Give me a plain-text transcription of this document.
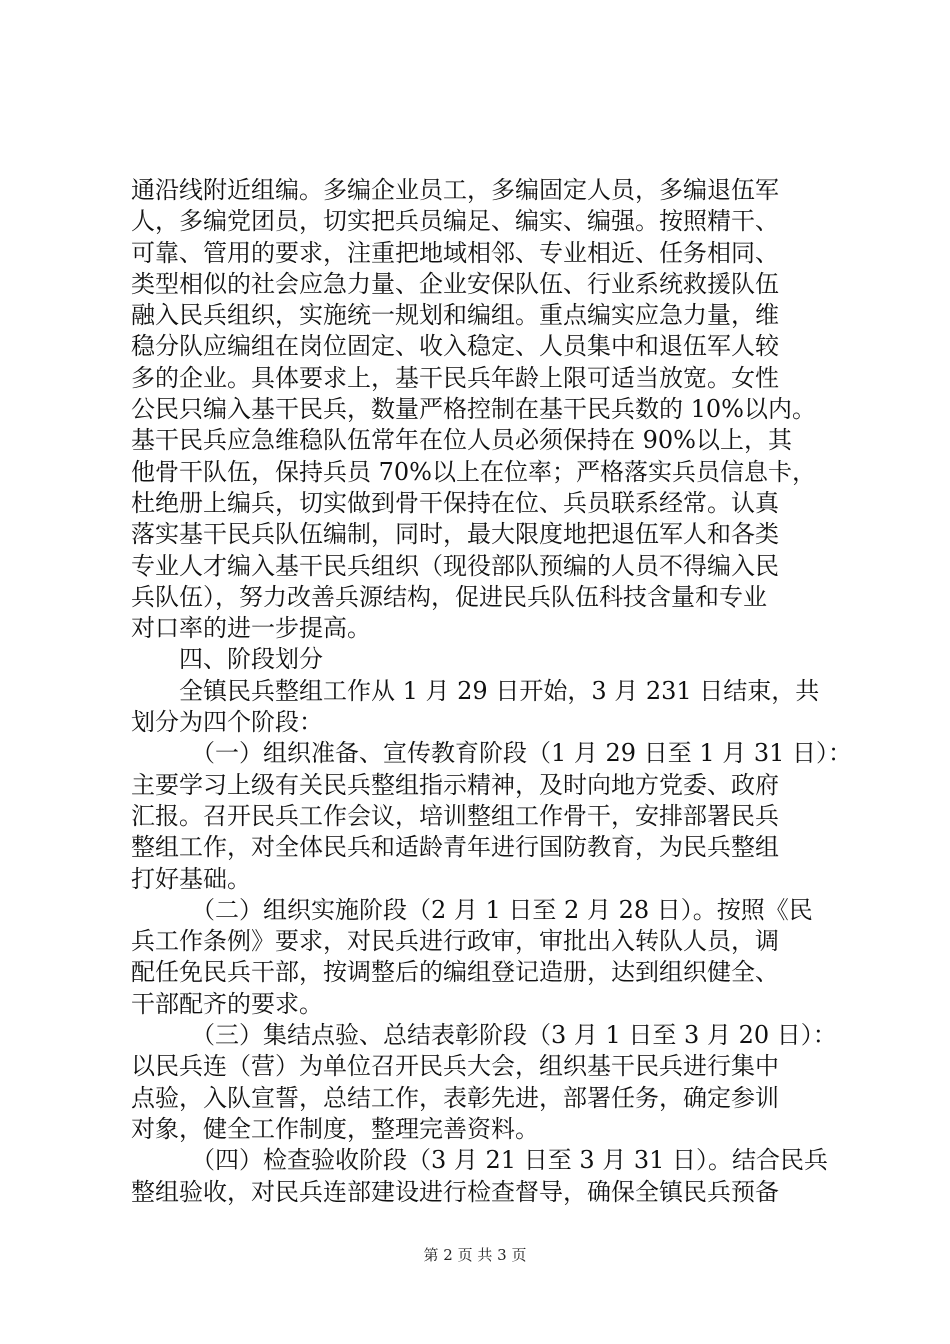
通沿线附近组编。多编企业员工，多编固定人员，多编退伍军
人，多编党团员，切实把兵员编足、编实、编强。按照精干、
可靠、管用的要求，注重把地域相邻、专业相近、任务相同、
类型相似的社会应急力量、企业安保队伍、行业系统救援队伍
融入民兵组织，实施统一规划和编组。重点编实应急力量，维
稳分队应编组在岗位固定、收入稳定、人员集中和退伍军人较
多的企业。具体要求上，基干民兵年龄上限可适当放宽。女性
公民只编入基干民兵，数量严格控制在基干民兵数的 10%以内。
基干民兵应急维稳队伍常年在位人员必须保持在 90%以上，其
他骨干队伍，保持兵员 70%以上在位率；严格落实兵员信息卡，
杜绝册上编兵，切实做到骨干保持在位、兵员联系经常。认真
落实基干民兵队伍编制，同时，最大限度地把退伍军人和各类
专业人才编入基干民兵组织（现役部队预编的人员不得编入民
兵队伍），努力改善兵源结构，促进民兵队伍科技含量和专业
对口率的进一步提高。
四、阶段划分
全镇民兵整组工作从 1 月 29 日开始，3 月 231 日结束，共
划分为四个阶段：
（一）组织准备、宣传教育阶段（1 月 29 日至 1 月 31 日）：
主要学习上级有关民兵整组指示精神，及时向地方党委、政府
汇报。召开民兵工作会议，培训整组工作骨干，安排部署民兵
整组工作，对全体民兵和适龄青年进行国防教育，为民兵整组
打好基础。
（二）组织实施阶段（2 月 1 日至 2 月 28 日）。按照《民
兵工作条例》要求，对民兵进行政审，审批出入转队人员，调
配任免民兵干部，按调整后的编组登记造册，达到组织健全、
干部配齐的要求。
（三）集结点验、总结表彰阶段（3 月 1 日至 3 月 20 日）：
以民兵连（营）为单位召开民兵大会，组织基干民兵进行集中
点验，入队宣誓，总结工作，表彰先进，部署任务，确定参训
对象，健全工作制度，整理完善资料。
（四）检查验收阶段（3 月 21 日至 3 月 31 日）。结合民兵
整组验收，对民兵连部建设进行检查督导，确保全镇民兵预备
第 2 页 共 3 页
